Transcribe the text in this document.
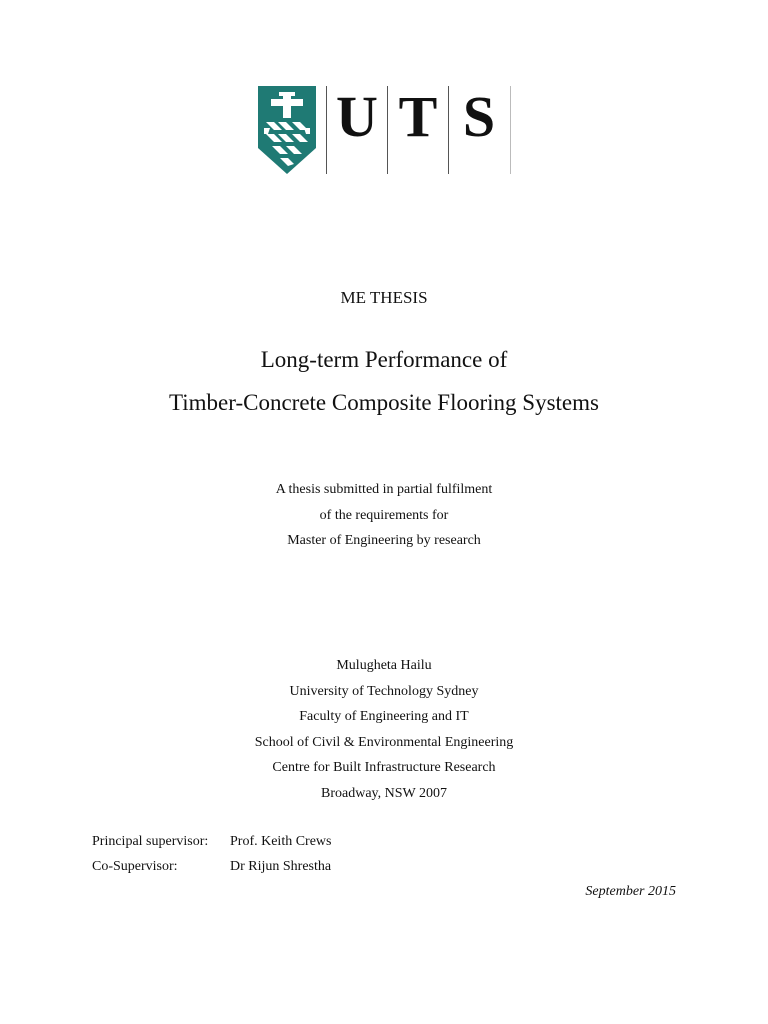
U T S
ME THESIS
Long-term Performance of
Timber-Concrete Composite Flooring Systems
A thesis submitted in partial fulfilment
of the requirements for
Master of Engineering by research
Mulugheta Hailu
University of Technology Sydney
Faculty of Engineering and IT
School of Civil & Environmental Engineering
Centre for Built Infrastructure Research
Broadway, NSW 2007
Principal supervisor: Prof. Keith Crews
Co-Supervisor:	Dr Rijun Shrestha
September 2015
